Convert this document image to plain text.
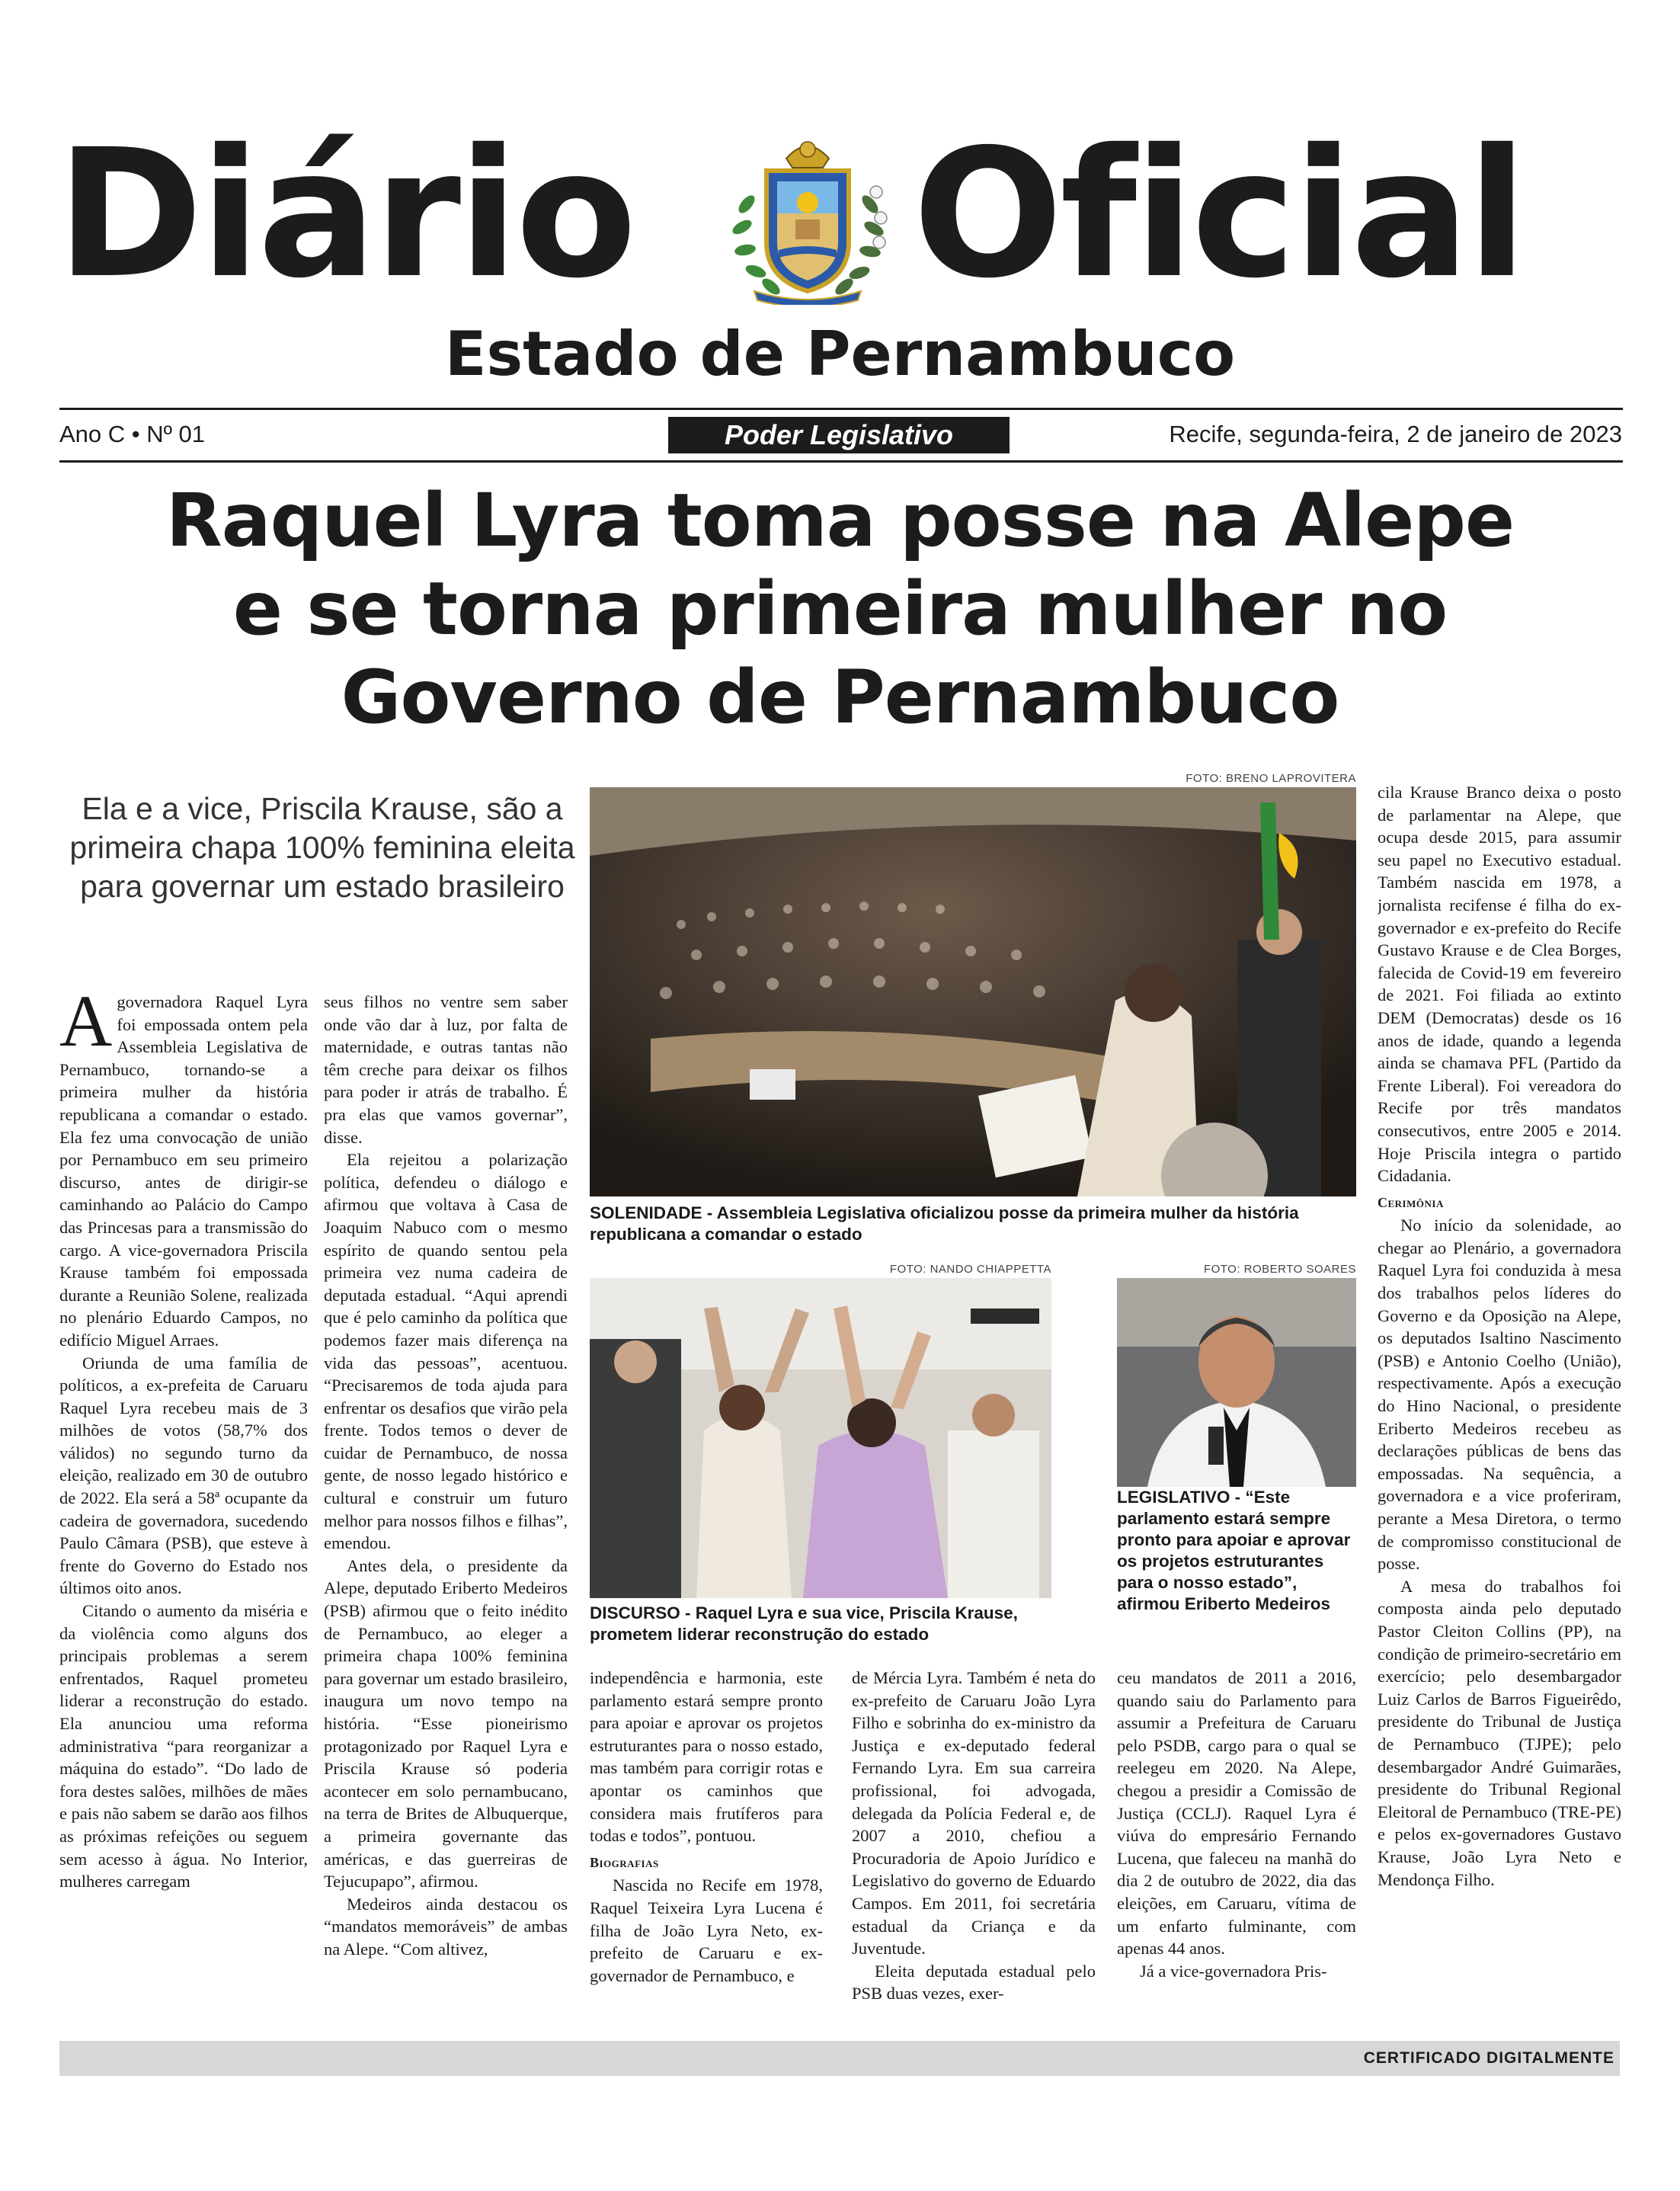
Diário Oficial
Estado de Pernambuco
Ano C • Nº 01	Poder Legislativo	Recife, segunda-feira, 2 de janeiro de 2023
Raquel Lyra toma posse na Alepe
e se torna primeira mulher no
Governo de Pernambuco
Ela e a vice, Priscila Krause, são a primeira chapa 100% feminina eleita para governar um estado brasileiro
FOTO: BRENO LAPROVITERA
SOLENIDADE - Assembleia Legislativa oficializou posse da primeira mulher da história republicana a comandar o estado
FOTO: NANDO CHIAPPETTA
DISCURSO - Raquel Lyra e sua vice, Priscila Krause, prometem liderar reconstrução do estado
FOTO: ROBERTO SOARES
LEGISLATIVO - “Este parlamento estará sempre pronto para apoiar e aprovar os projetos estruturantes para o nosso estado”, afirmou Eriberto Medeiros

Agovernadora Raquel Lyra foi empossada ontem pela Assembleia Legislativa de Pernambuco, tornando-se a primeira mulher da história republicana a comandar o estado. Ela fez uma convocação de união por Pernambuco em seu primeiro discurso, antes de dirigir-se caminhando ao Palácio do Campo das Princesas para a transmissão do cargo. A vice-governadora Priscila Krause também foi empossada durante a Reunião Solene, realizada no plenário Eduardo Campos, no edifício Miguel Arraes.

Oriunda de uma família de políticos, a ex-prefeita de Caruaru Raquel Lyra recebeu mais de 3 milhões de votos (58,7% dos válidos) no segundo turno da eleição, realizado em 30 de outubro de 2022. Ela será a 58ª ocupante da cadeira de governadora, sucedendo Paulo Câmara (PSB), que esteve à frente do Governo do Estado nos últimos oito anos.

Citando o aumento da miséria e da violência como alguns dos principais problemas a serem enfrentados, Raquel prometeu liderar a reconstrução do estado. Ela anunciou uma reforma administrativa “para reorganizar a máquina do estado”. “Do lado de fora destes salões, milhões de mães e pais não sabem se darão aos filhos as próximas refeições ou seguem sem acesso à água. No Interior, mulheres carregam

seus filhos no ventre sem saber onde vão dar à luz, por falta de maternidade, e outras tantas não têm creche para deixar os filhos para poder ir atrás de trabalho. É pra elas que vamos governar”, disse.

Ela rejeitou a polarização política, defendeu o diálogo e afirmou que voltava à Casa de Joaquim Nabuco com o mesmo espírito de quando sentou pela primeira vez numa cadeira de deputada estadual. “Aqui aprendi que é pelo caminho da política que podemos fazer mais diferença na vida das pessoas”, acentuou. “Precisaremos de toda ajuda para enfrentar os desafios que virão pela frente. Todos temos o dever de cuidar de Pernambuco, de nossa gente, de nosso legado histórico e cultural e construir um futuro melhor para nossos filhos e filhas”, emendou.

Antes dela, o presidente da Alepe, deputado Eriberto Medeiros (PSB) afirmou que o feito inédito de Pernambuco, ao eleger a primeira chapa 100% feminina para governar um estado brasileiro, inaugura um novo tempo na história. “Esse pioneirismo protagonizado por Raquel Lyra e Priscila Krause só poderia acontecer em solo pernambucano, na terra de Brites de Albuquerque, a primeira governante das américas, e das guerreiras de Tejucupapo”, afirmou.

Medeiros ainda destacou os “mandatos memoráveis” de ambas na Alepe. “Com altivez,

independência e harmonia, este parlamento estará sempre pronto para apoiar e aprovar os projetos estruturantes para o nosso estado, mas também para corrigir rotas e apontar os caminhos que considera mais frutíferos para todas e todos”, pontuou.

Biografias

Nascida no Recife em 1978, Raquel Teixeira Lyra Lucena é filha de João Lyra Neto, ex-prefeito de Caruaru e ex-governador de Pernambuco, e

de Mércia Lyra. Também é neta do ex-prefeito de Caruaru João Lyra Filho e sobrinha do ex-ministro da Justiça e ex-deputado federal Fernando Lyra. Em sua carreira profissional, foi advogada, delegada da Polícia Federal e, de 2007 a 2010, chefiou a Procuradoria de Apoio Jurídico e Legislativo do governo de Eduardo Campos. Em 2011, foi secretária estadual da Criança e da Juventude.

Eleita deputada estadual pelo PSB duas vezes, exer-

ceu mandatos de 2011 a 2016, quando saiu do Parlamento para assumir a Prefeitura de Caruaru pelo PSDB, cargo para o qual se reelegeu em 2020. Na Alepe, chegou a presidir a Comissão de Justiça (CCLJ). Raquel Lyra é viúva do empresário Fernando Lucena, que faleceu na manhã do dia 2 de outubro de 2022, dia das eleições, em Caruaru, vítima de um enfarto fulminante, com apenas 44 anos.

Já a vice-governadora Pris-

cila Krause Branco deixa o posto de parlamentar na Alepe, que ocupa desde 2015, para assumir seu papel no Executivo estadual. Também nascida em 1978, a jornalista recifense é filha do ex-governador e ex-prefeito do Recife Gustavo Krause e de Clea Borges, falecida de Covid-19 em fevereiro de 2021. Foi filiada ao extinto DEM (Democratas) desde os 16 anos de idade, quando a legenda ainda se chamava PFL (Partido da Frente Liberal). Foi vereadora do Recife por três mandatos consecutivos, entre 2005 e 2014. Hoje Priscila integra o partido Cidadania.

Cerimônia

No início da solenidade, ao chegar ao Plenário, a governadora Raquel Lyra foi conduzida à mesa dos trabalhos pelos líderes do Governo e da Oposição na Alepe, os deputados Isaltino Nascimento (PSB) e Antonio Coelho (União), respectivamente. Após a execução do Hino Nacional, o presidente Eriberto Medeiros recebeu as declarações públicas de bens das empossadas. Na sequência, a governadora e a vice proferiram, perante a Mesa Diretora, o termo de compromisso constitucional de posse.

A mesa do trabalhos foi composta ainda pelo deputado Pastor Cleiton Collins (PP), na condição de primeiro-secretário em exercício; pelo desembargador Luiz Carlos de Barros Figueirêdo, presidente do Tribunal de Justiça de Pernambuco (TJPE); pelo desembargador André Guimarães, presidente do Tribunal Regional Eleitoral de Pernambuco (TRE-PE) e pelos ex-governadores Gustavo Krause, João Lyra Neto e Mendonça Filho.

CERTIFICADO DIGITALMENTE
